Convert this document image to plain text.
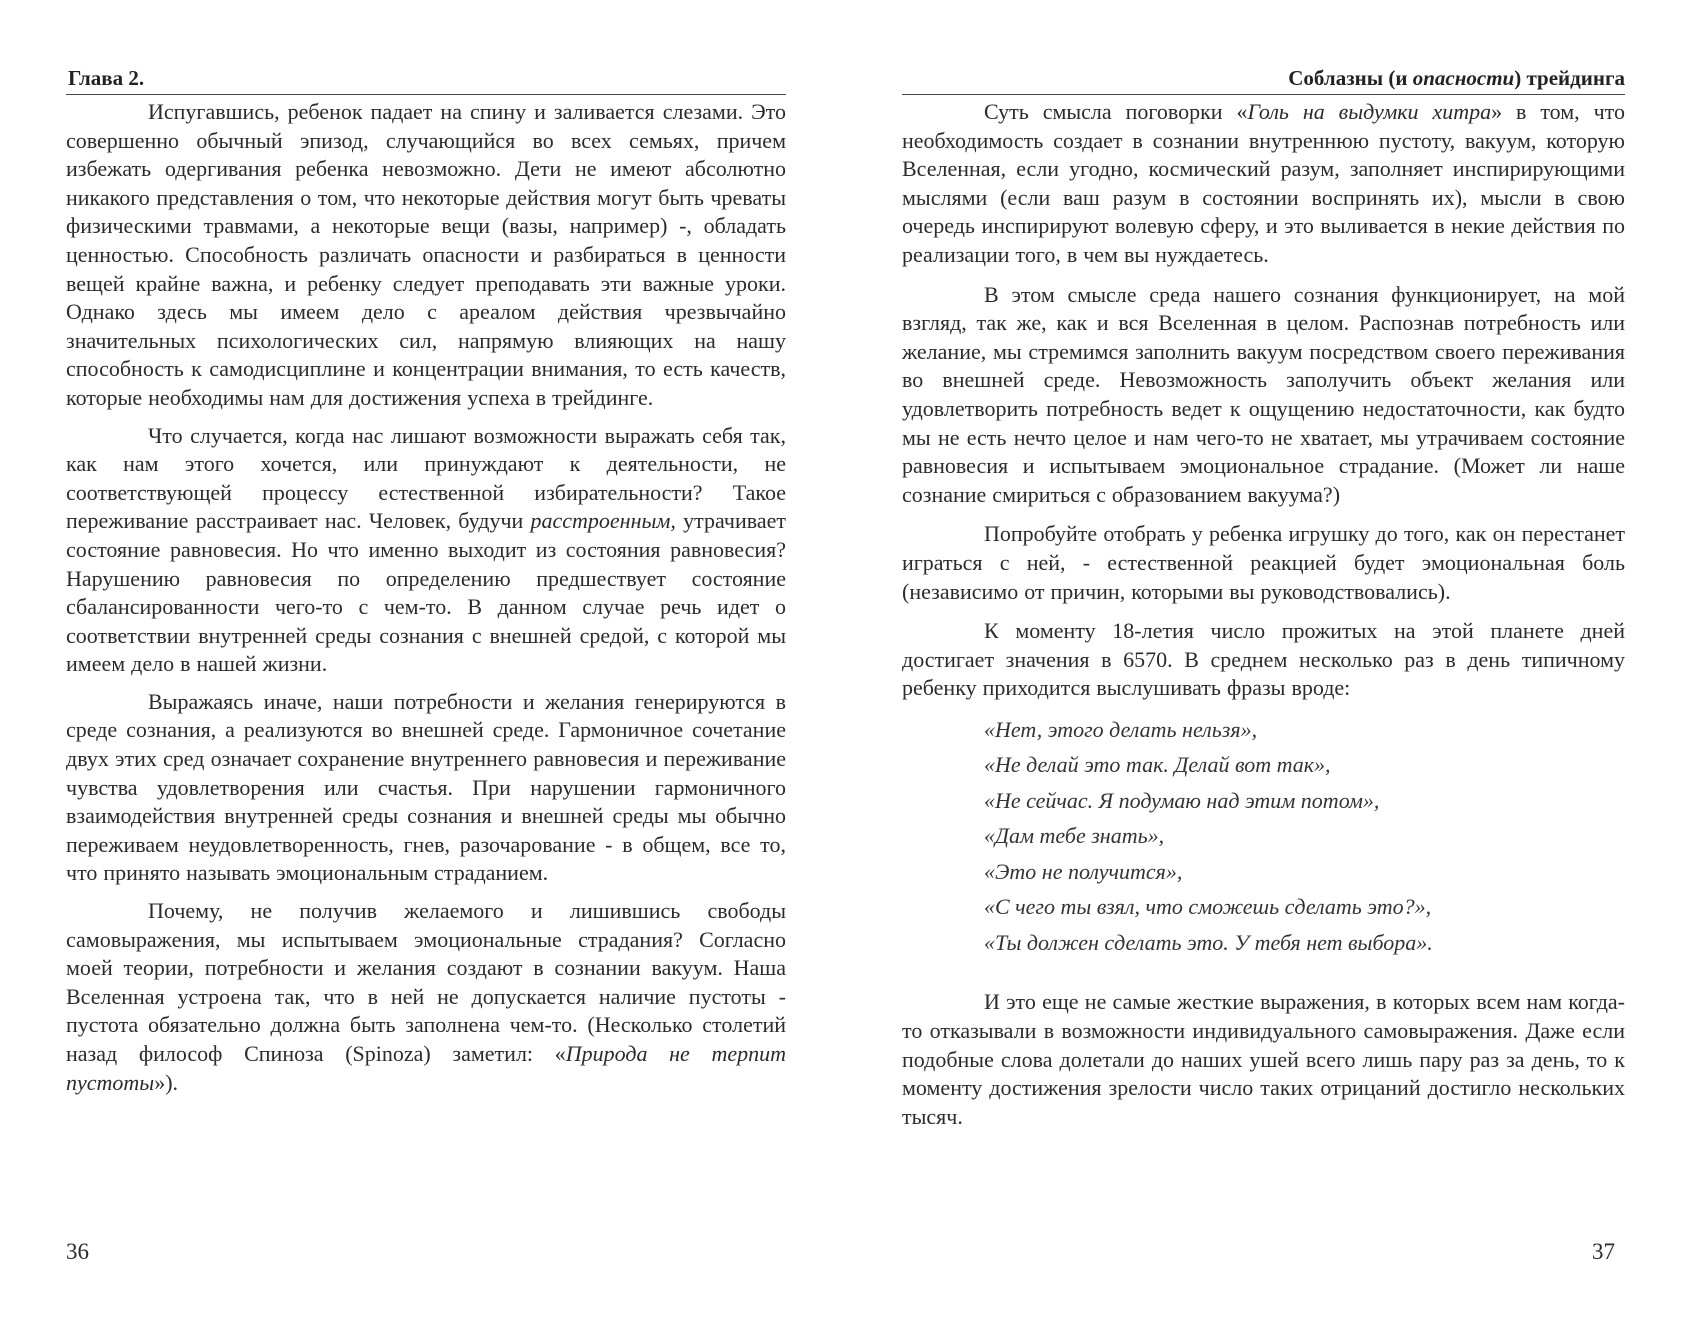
Глава 2.

Испугавшись, ребенок падает на спину и заливается слезами. Это совершенно обычный эпизод, случающийся во всех семьях, причем избежать одергивания ребенка невозможно. Дети не имеют абсолютно никакого представления о том, что некоторые действия могут быть чреваты физическими травмами, а некоторые вещи (вазы, например) -, обладать ценностью. Способность различать опасности и разбираться в ценности вещей крайне важна, и ребенку следует преподавать эти важные уроки. Однако здесь мы имеем дело с ареалом действия чрезвычайно значительных психологических сил, напрямую влияющих на нашу способность к самодисциплине и концентрации внимания, то есть качеств, которые необходимы нам для достижения успеха в трейдинге.

Что случается, когда нас лишают возможности выражать себя так, как нам этого хочется, или принуждают к деятельности, не соответствующей процессу естественной избирательности? Такое переживание расстраивает нас. Человек, будучи расстроенным, утрачивает состояние равновесия. Но что именно выходит из состояния равновесия? Нарушению равновесия по определению предшествует состояние сбалансированности чего-то с чем-то. В данном случае речь идет о соответствии внутренней среды сознания с внешней средой, с которой мы имеем дело в нашей жизни.

Выражаясь иначе, наши потребности и желания генерируются в среде сознания, а реализуются во внешней среде. Гармоничное сочетание двух этих сред означает сохранение внутреннего равновесия и переживание чувства удовлетворения или счастья. При нарушении гармоничного взаимодействия внутренней среды сознания и внешней среды мы обычно переживаем неудовлетворенность, гнев, разочарование - в общем, все то, что принято называть эмоциональным страданием.

Почему, не получив желаемого и лишившись свободы самовыражения, мы испытываем эмоциональные страдания? Согласно моей теории, потребности и желания создают в сознании вакуум. Наша Вселенная устроена так, что в ней не допускается наличие пустоты - пустота обязательно должна быть заполнена чем-то. (Несколько столетий назад философ Спиноза (Spinoza) заметил: «Природа не терпит пустоты»).

36
Соблазны (и опасности) трейдинга

Суть смысла поговорки «Голь на выдумки хитра» в том, что необходимость создает в сознании внутреннюю пустоту, вакуум, которую Вселенная, если угодно, космический разум, заполняет инспирирующими мыслями (если ваш разум в состоянии воспринять их), мысли в свою очередь инспирируют волевую сферу, и это выливается в некие действия по реализации того, в чем вы нуждаетесь.

В этом смысле среда нашего сознания функционирует, на мой взгляд, так же, как и вся Вселенная в целом. Распознав потребность или желание, мы стремимся заполнить вакуум посредством своего переживания во внешней среде. Невозможность заполучить объект желания или удовлетворить потребность ведет к ощущению недостаточности, как будто мы не есть нечто целое и нам чего-то не хватает, мы утрачиваем состояние равновесия и испытываем эмоциональное страдание. (Может ли наше сознание смириться с образованием вакуума?)

Попробуйте отобрать у ребенка игрушку до того, как он перестанет играться с ней, - естественной реакцией будет эмоциональная боль (независимо от причин, которыми вы руководствовались).

К моменту 18-летия число прожитых на этой планете дней достигает значения в 6570. В среднем несколько раз в день типичному ребенку приходится выслушивать фразы вроде:

«Нет, этого делать нельзя»,
«Не делай это так. Делай вот так»,
«Не сейчас. Я подумаю над этим потом»,
«Дам тебе знать»,
«Это не получится»,
«С чего ты взял, что сможешь сделать это?»,
«Ты должен сделать это. У тебя нет выбора».

И это еще не самые жесткие выражения, в которых всем нам когда-то отказывали в возможности индивидуального самовыражения. Даже если подобные слова долетали до наших ушей всего лишь пару раз за день, то к моменту достижения зрелости число таких отрицаний достигло нескольких тысяч.

37
